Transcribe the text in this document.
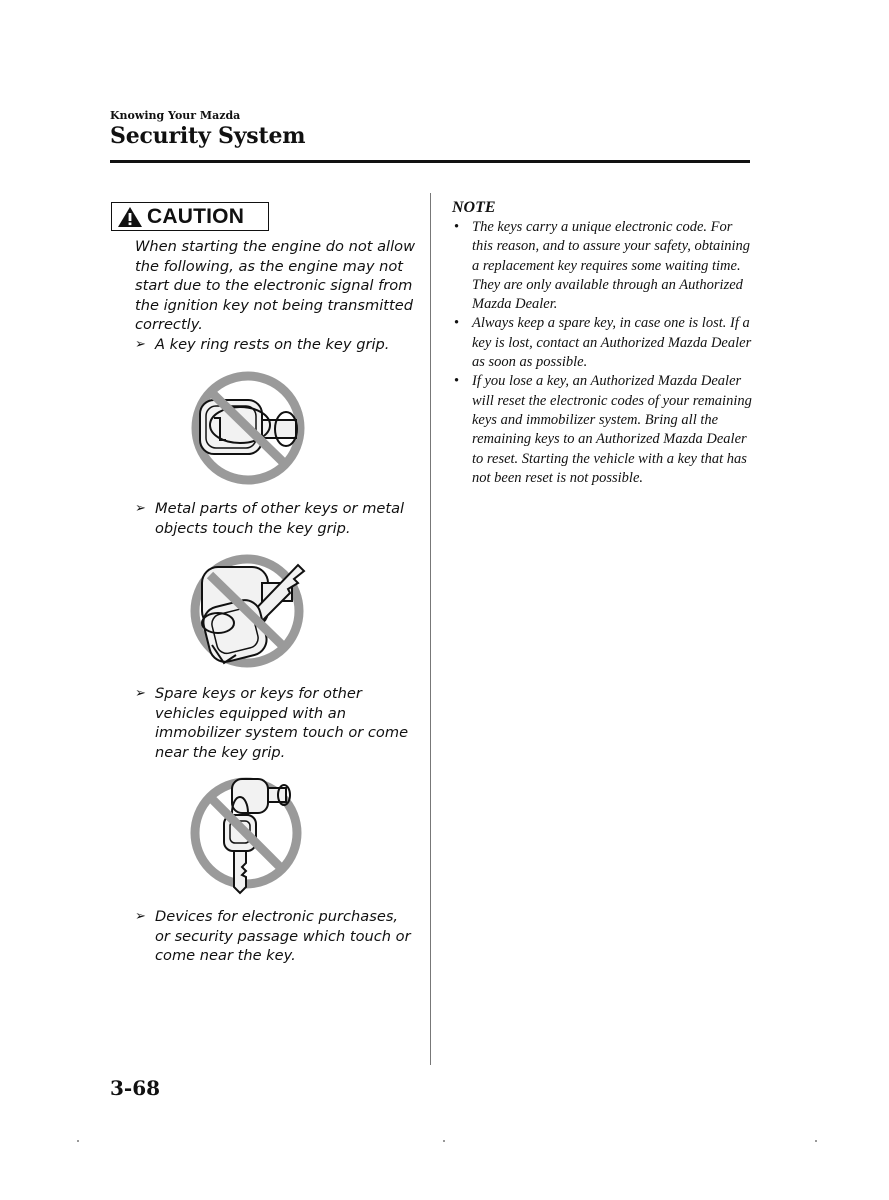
Knowing Your Mazda
Security System
CAUTION
When starting the engine do not allow the following, as the engine may not start due to the electronic signal from the ignition key not being transmitted correctly.
➢ A key ring rests on the key grip.
➢ Metal parts of other keys or metal objects touch the key grip.
➢ Spare keys or keys for other vehicles equipped with an immobilizer system touch or come near the key grip.
➢ Devices for electronic purchases, or security passage which touch or come near the key.
NOTE
• The keys carry a unique electronic code. For this reason, and to assure your safety, obtaining a replacement key requires some waiting time. They are only available through an Authorized Mazda Dealer.
• Always keep a spare key, in case one is lost. If a key is lost, contact an Authorized Mazda Dealer as soon as possible.
• If you lose a key, an Authorized Mazda Dealer will reset the electronic codes of your remaining keys and immobilizer system. Bring all the remaining keys to an Authorized Mazda Dealer to reset. Starting the vehicle with a key that has not been reset is not possible.
3-68
